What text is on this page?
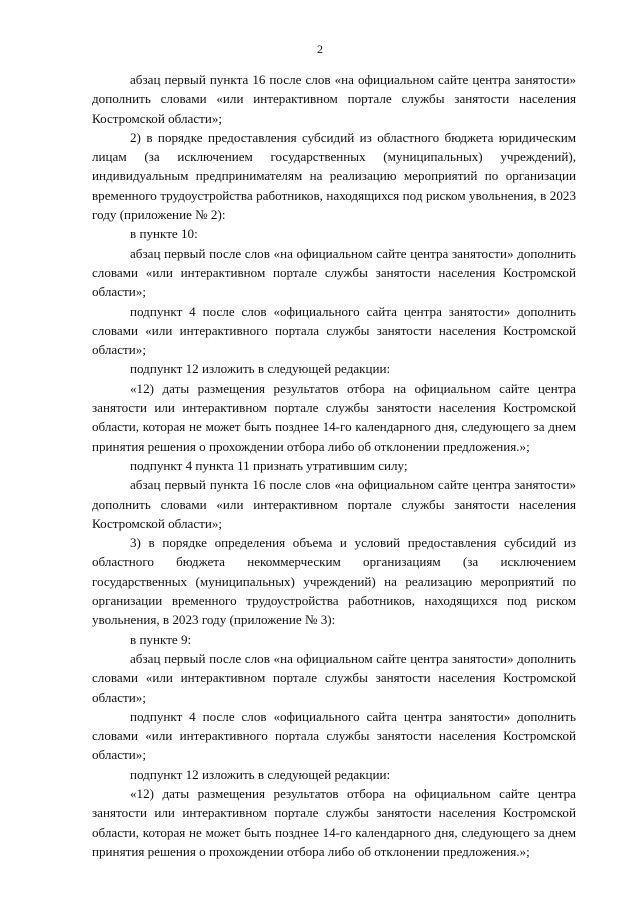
2

абзац первый пункта 16 после слов «на официальном сайте центра занятости» дополнить словами «или интерактивном портале службы занятости населения Костромской области»;

2) в порядке предоставления субсидий из областного бюджета юридическим лицам (за исключением государственных (муниципальных) учреждений), индивидуальным предпринимателям на реализацию мероприятий по организации временного трудоустройства работников, находящихся под риском увольнения, в 2023 году (приложение № 2):

в пункте 10:

абзац первый после слов «на официальном сайте центра занятости» дополнить словами «или интерактивном портале службы занятости населения Костромской области»;

подпункт 4 после слов «официального сайта центра занятости» дополнить словами «или интерактивного портала службы занятости населения Костромской области»;

подпункт 12 изложить в следующей редакции:

«12) даты размещения результатов отбора на официальном сайте центра занятости или интерактивном портале службы занятости населения Костромской области, которая не может быть позднее 14-го календарного дня, следующего за днем принятия решения о прохождении отбора либо об отклонении предложения.»;

подпункт 4 пункта 11 признать утратившим силу;

абзац первый пункта 16 после слов «на официальном сайте центра занятости» дополнить словами «или интерактивном портале службы занятости населения Костромской области»;

3) в порядке определения объема и условий предоставления субсидий из областного бюджета некоммерческим организациям (за исключением государственных (муниципальных) учреждений) на реализацию мероприятий по организации временного трудоустройства работников, находящихся под риском увольнения, в 2023 году (приложение № 3):

в пункте 9:

абзац первый после слов «на официальном сайте центра занятости» дополнить словами «или интерактивном портале службы занятости населения Костромской области»;

подпункт 4 после слов «официального сайта центра занятости» дополнить словами «или интерактивного портала службы занятости населения Костромской области»;

подпункт 12 изложить в следующей редакции:

«12) даты размещения результатов отбора на официальном сайте центра занятости или интерактивном портале службы занятости населения Костромской области, которая не может быть позднее 14-го календарного дня, следующего за днем принятия решения о прохождении отбора либо об отклонении предложения.»;
